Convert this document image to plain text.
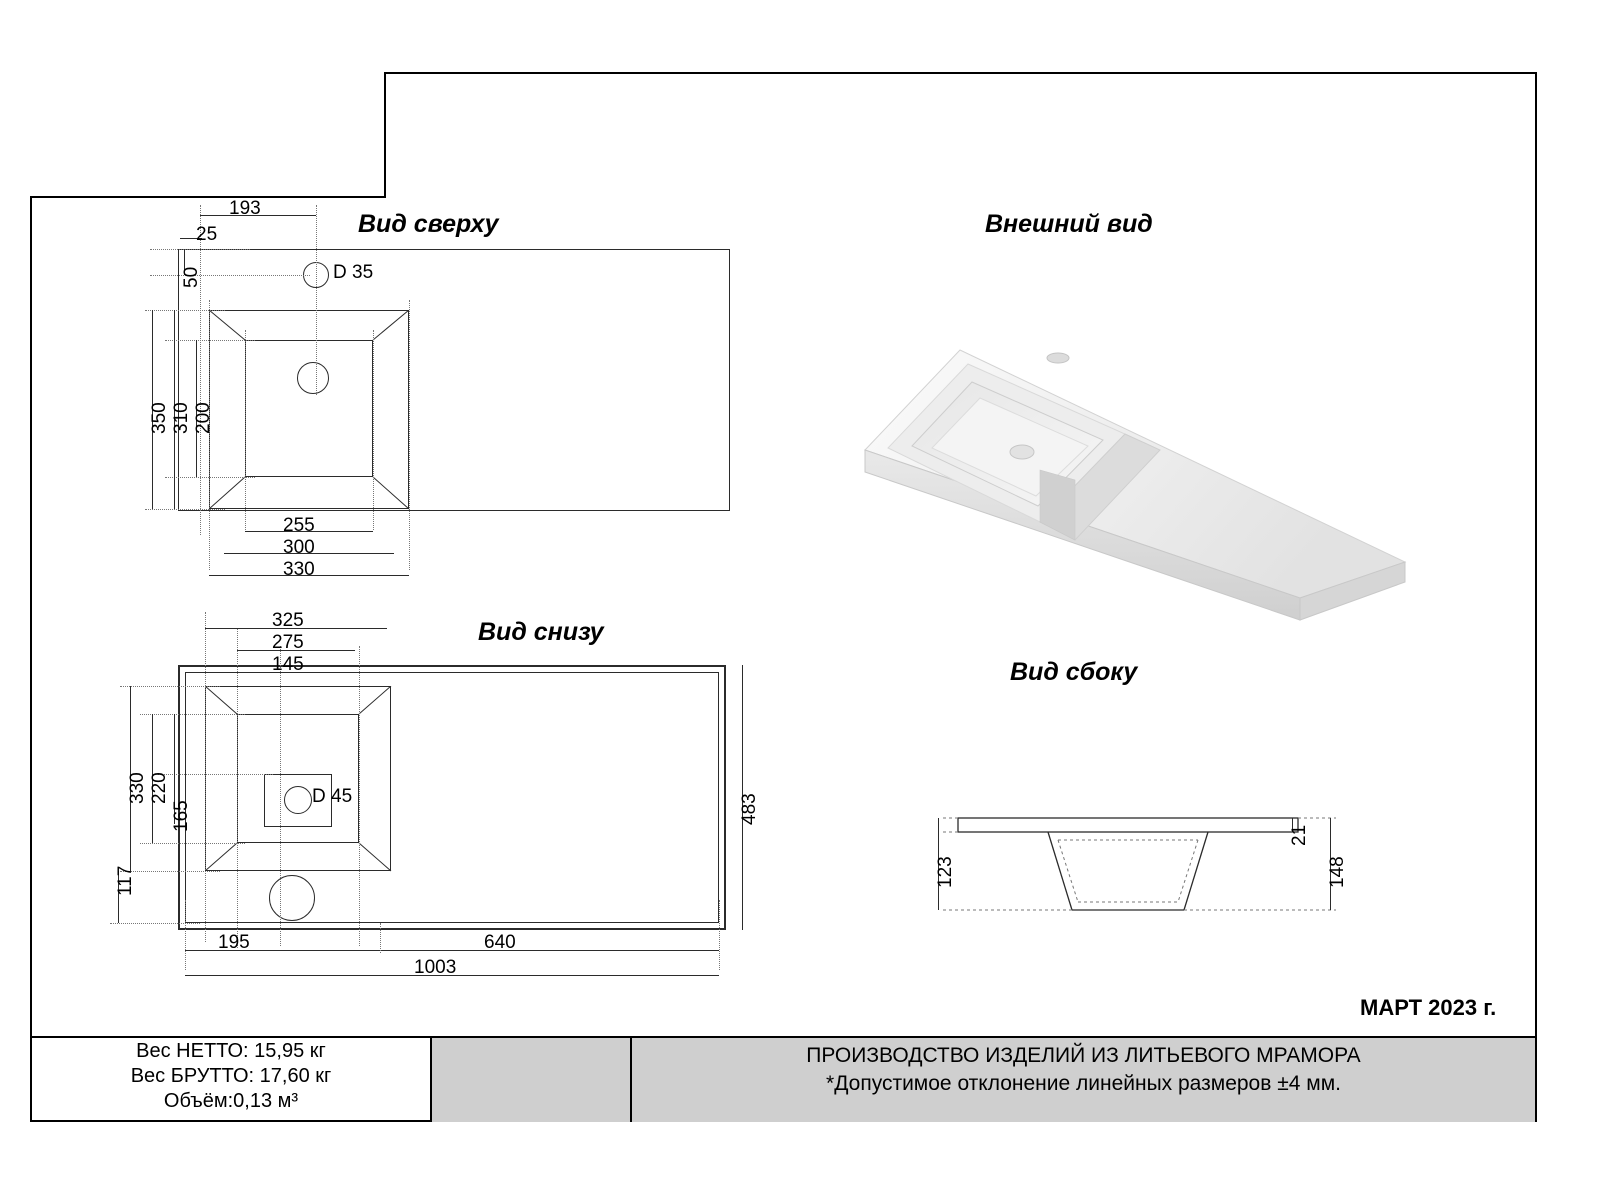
Вид сверху
Вид снизу
Внешний вид
Вид сбоку
D 35
193
25
50
350 310 200
255
300
330
D 45
325
275
145
330 220
165
117
483
195	640
1003
123
21
148
МАРТ 2023 г.
Вес НЕТТО: 15,95 кг
Вес БРУТТО: 17,60 кг
Объём:0,13 м³
ПРОИЗВОДСТВО ИЗДЕЛИЙ ИЗ ЛИТЬЕВОГО МРАМОРА
*Допустимое отклонение линейных размеров ±4 мм.
